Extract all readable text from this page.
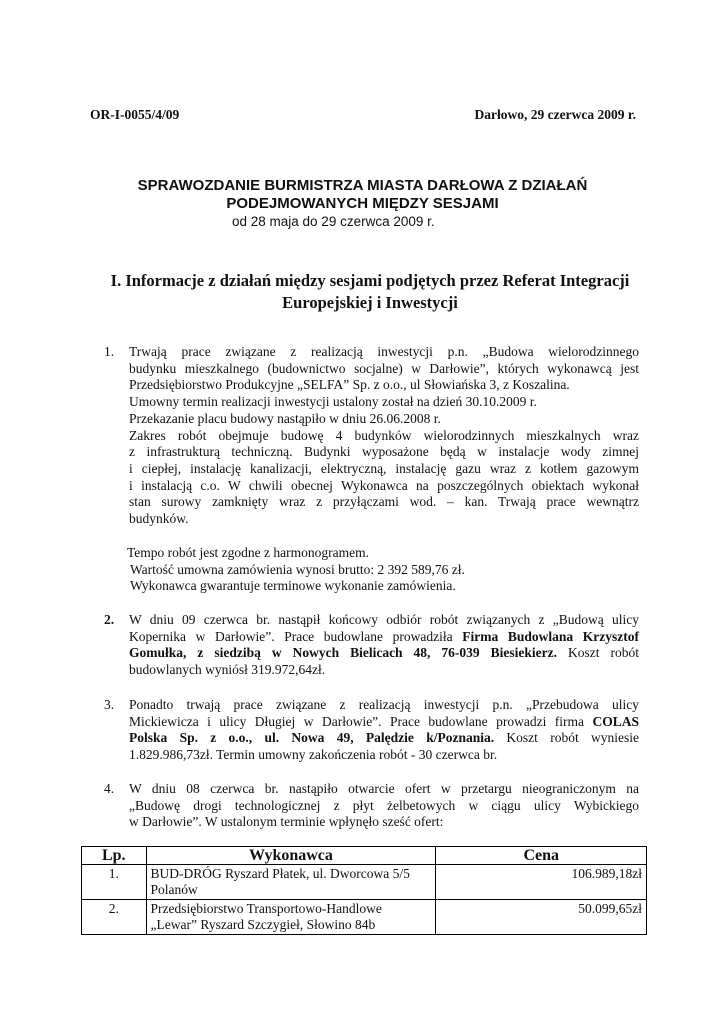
OR-I-0055/4/09	Darłowo, 29 czerwca 2009 r.
SPRAWOZDANIE BURMISTRZA MIASTA DARŁOWA Z DZIAŁAŃ
PODEJMOWANYCH MIĘDZY SESJAMI
od 28 maja do 29 czerwca 2009 r.
I. Informacje z działań między sesjami podjętych przez Referat Integracji
Europejskiej i Inwestycji
1.	Trwają prace związane z realizacją inwestycji p.n. „Budowa wielorodzinnego
budynku mieszkalnego (budownictwo socjalne) w Darłowie”, których wykonawcą jest
Przedsiębiorstwo Produkcyjne „SELFA” Sp. z o.o., ul Słowiańska 3, z Koszalina.
Umowny termin realizacji inwestycji ustalony został na dzień 30.10.2009 r.
Przekazanie placu budowy nastąpiło w dniu 26.06.2008 r.
Zakres robót obejmuje budowę 4 budynków wielorodzinnych mieszkalnych wraz
z infrastrukturą techniczną. Budynki wyposażone będą w instalacje wody zimnej
i ciepłej, instalację kanalizacji, elektryczną, instalację gazu wraz z kotłem gazowym
i instalacją c.o. W chwili obecnej Wykonawca na poszczególnych obiektach wykonał
stan surowy zamknięty wraz z przyłączami wod. – kan. Trwają prace wewnątrz
budynków.
Tempo robót jest zgodne z harmonogramem.
Wartość umowna zamówienia wynosi brutto: 2 392 589,76 zł.
Wykonawca gwarantuje terminowe wykonanie zamówienia.
2.	W dniu 09 czerwca br. nastąpił końcowy odbiór robót związanych z „Budową ulicy
Kopernika w Darłowie”. Prace budowlane prowadziła Firma Budowlana Krzysztof
Gomułka, z siedzibą w Nowych Bielicach 48, 76-039 Biesiekierz. Koszt robót
budowlanych wyniósł 319.972,64zł.
3.	Ponadto trwają prace związane z realizacją inwestycji p.n. „Przebudowa ulicy
Mickiewicza i ulicy Długiej w Darłowie”. Prace budowlane prowadzi firma COLAS
Polska Sp. z o.o., ul. Nowa 49, Palędzie k/Poznania. Koszt robót wyniesie
1.829.986,73zł. Termin umowny zakończenia robót - 30 czerwca br.
4.	W dniu 08 czerwca br. nastąpiło otwarcie ofert w przetargu nieograniczonym na
„Budowę drogi technologicznej z płyt żelbetowych w ciągu ulicy Wybickiego
w Darłowie”. W ustalonym terminie wpłynęło sześć ofert:
Lp.	Wykonawca	Cena
1.	BUD-DRÓG Ryszard Płatek, ul. Dworcowa 5/5
Polanów	106.989,18zł
2.	Przedsiębiorstwo Transportowo-Handlowe
„Lewar” Ryszard Szczygieł, Słowino 84b	50.099,65zł
